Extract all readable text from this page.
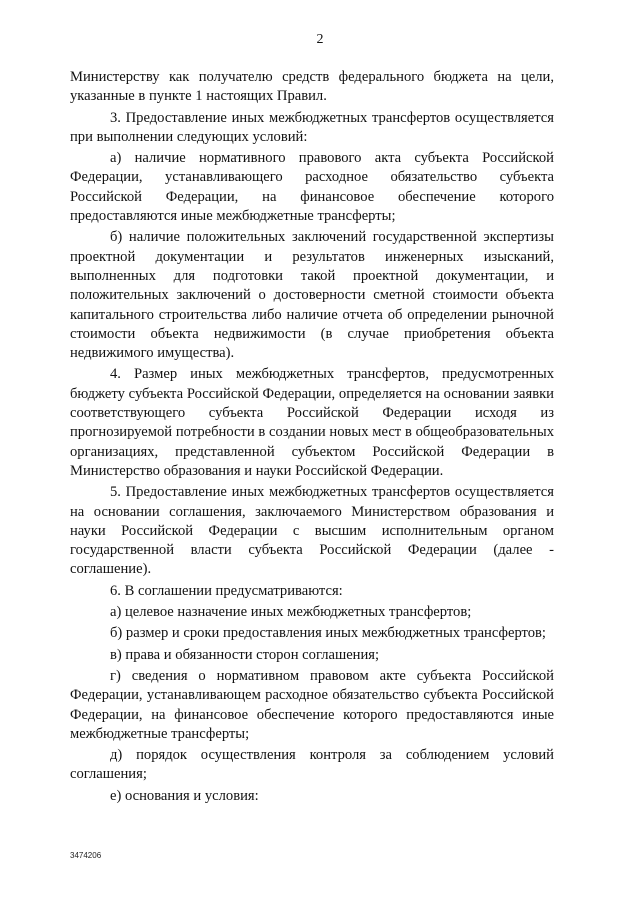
2

Министерству как получателю средств федерального бюджета на цели, указанные в пункте 1 настоящих Правил.

3. Предоставление иных межбюджетных трансфертов осуществляется при выполнении следующих условий:

а) наличие нормативного правового акта субъекта Российской Федерации, устанавливающего расходное обязательство субъекта Российской Федерации, на финансовое обеспечение которого предоставляются иные межбюджетные трансферты;

б) наличие положительных заключений государственной экспертизы проектной документации и результатов инженерных изысканий, выполненных для подготовки такой проектной документации, и положительных заключений о достоверности сметной стоимости объекта капитального строительства либо наличие отчета об определении рыночной стоимости объекта недвижимости (в случае приобретения объекта недвижимого имущества).

4. Размер иных межбюджетных трансфертов, предусмотренных бюджету субъекта Российской Федерации, определяется на основании заявки соответствующего субъекта Российской Федерации исходя из прогнозируемой потребности в создании новых мест в общеобразовательных организациях, представленной субъектом Российской Федерации в Министерство образования и науки Российской Федерации.

5. Предоставление иных межбюджетных трансфертов осуществляется на основании соглашения, заключаемого Министерством образования и науки Российской Федерации с высшим исполнительным органом государственной власти субъекта Российской Федерации (далее - соглашение).

6. В соглашении предусматриваются:

а) целевое назначение иных межбюджетных трансфертов;

б) размер и сроки предоставления иных межбюджетных трансфертов;

в) права и обязанности сторон соглашения;

г) сведения о нормативном правовом акте субъекта Российской Федерации, устанавливающем расходное обязательство субъекта Российской Федерации, на финансовое обеспечение которого предоставляются иные межбюджетные трансферты;

д) порядок осуществления контроля за соблюдением условий соглашения;

е) основания и условия:

3474206
